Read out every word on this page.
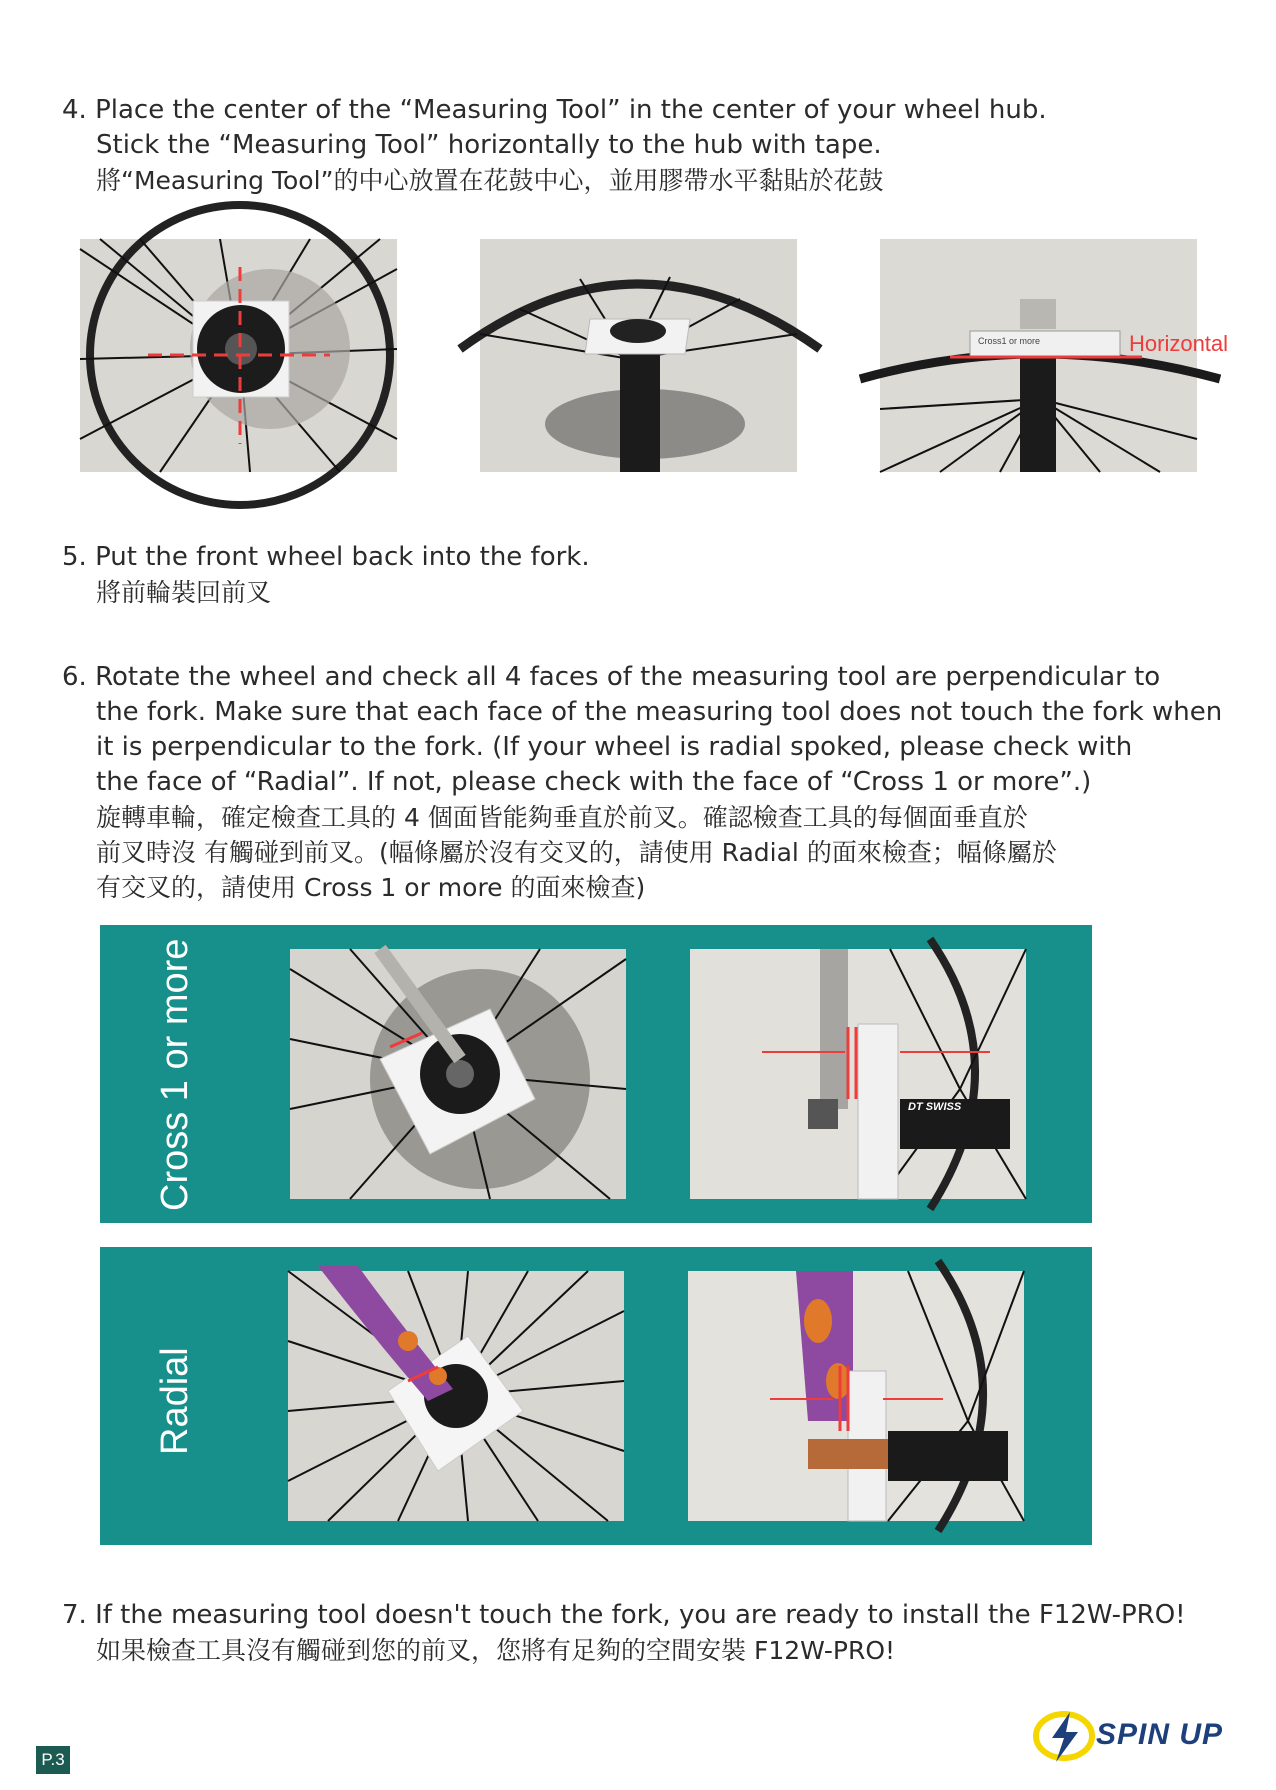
4. Place the center of the “Measuring Tool” in the center of your wheel hub.
Stick the “Measuring Tool” horizontally to the hub with tape.
將“Measuring Tool”的中心放置在花鼓中心，並用膠帶水平黏貼於花鼓
Cross1 or more	Horizontal
5. Put the front wheel back into the fork.
將前輪裝回前叉
6. Rotate the wheel and check all 4 faces of the measuring tool are perpendicular to
the fork. Make sure that each face of the measuring tool does not touch the fork when
it is perpendicular to the fork. (If your wheel is radial spoked, please check with
the face of “Radial”. If not, please check with the face of “Cross 1 or more”.)
旋轉車輪，確定檢查工具的 4 個面皆能夠垂直於前叉。確認檢查工具的每個面垂直於
前叉時沒 有觸碰到前叉。(幅條屬於沒有交叉的，請使用 Radial 的面來檢查；幅條屬於
有交叉的，請使用 Cross 1 or more 的面來檢查)
Cross 1 or more	DT SWISS
Radial
7. If the measuring tool doesn't touch the fork, you are ready to install the F12W-PRO!
如果檢查工具沒有觸碰到您的前叉，您將有足夠的空間安裝 F12W-PRO!
P.3
SPIN UP
